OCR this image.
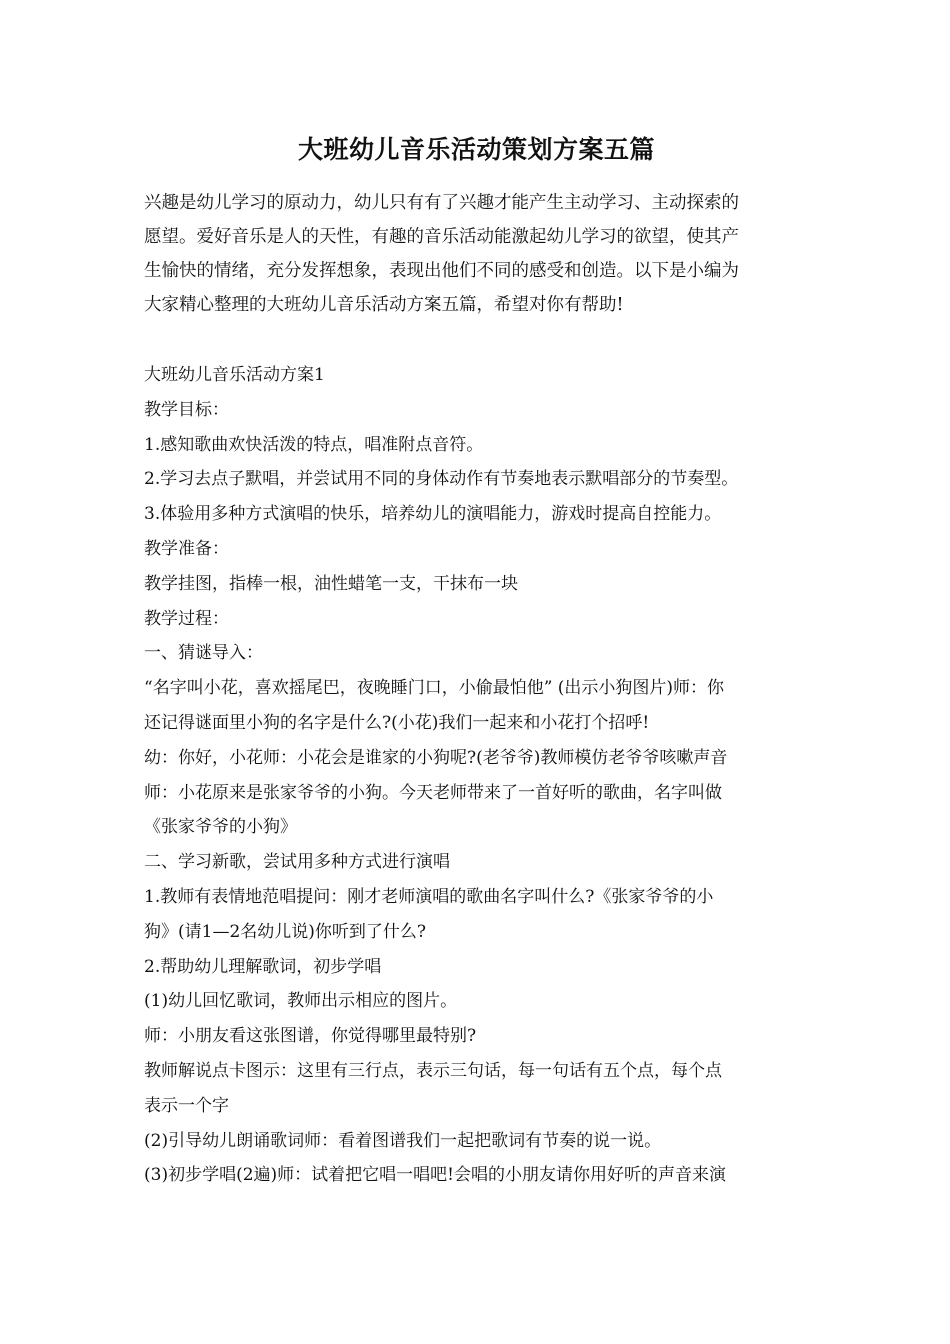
大班幼儿音乐活动策划方案五篇

兴趣是幼儿学习的原动力，幼儿只有有了兴趣才能产生主动学习、主动探索的

愿望。爱好音乐是人的天性，有趣的音乐活动能激起幼儿学习的欲望，使其产

生愉快的情绪，充分发挥想象，表现出他们不同的感受和创造。以下是小编为

大家精心整理的大班幼儿音乐活动方案五篇，希望对你有帮助!

大班幼儿音乐活动方案1

教学目标：

1.感知歌曲欢快活泼的特点，唱准附点音符。

2.学习去点子默唱，并尝试用不同的身体动作有节奏地表示默唱部分的节奏型。

3.体验用多种方式演唱的快乐，培养幼儿的演唱能力，游戏时提高自控能力。

教学准备：

教学挂图，指棒一根，油性蜡笔一支，干抹布一块

教学过程：

一、猜谜导入：

“名字叫小花，喜欢摇尾巴，夜晚睡门口，小偷最怕他” (出示小狗图片)师：你

还记得谜面里小狗的名字是什么?(小花)我们一起来和小花打个招呼!

幼：你好，小花师：小花会是谁家的小狗呢?(老爷爷)教师模仿老爷爷咳嗽声音

师：小花原来是张家爷爷的小狗。今天老师带来了一首好听的歌曲，名字叫做

《张家爷爷的小狗》

二、学习新歌，尝试用多种方式进行演唱

1.教师有表情地范唱提问：刚才老师演唱的歌曲名字叫什么?《张家爷爷的小

狗》(请1—2名幼儿说)你听到了什么?

2.帮助幼儿理解歌词，初步学唱

(1)幼儿回忆歌词，教师出示相应的图片。

师：小朋友看这张图谱，你觉得哪里最特别?

教师解说点卡图示：这里有三行点，表示三句话，每一句话有五个点，每个点

表示一个字

(2)引导幼儿朗诵歌词师：看着图谱我们一起把歌词有节奏的说一说。

(3)初步学唱(2遍)师：试着把它唱一唱吧!会唱的小朋友请你用好听的声音来演
